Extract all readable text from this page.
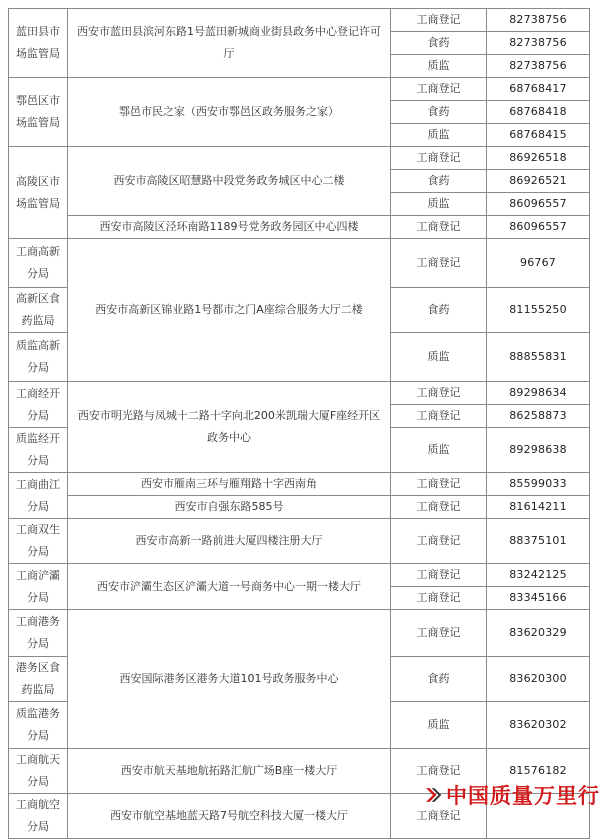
蓝田县市场监管局	西安市蓝田县滨河东路1号蓝田新城商业街县政务中心登记许可厅	工商登记	82738756
		食药	82738756
		质监	82738756
鄠邑区市场监管局	鄠邑市民之家（西安市鄠邑区政务服务之家）	工商登记	68768417
		食药	68768418
		质监	68768415
高陵区市场监管局	西安市高陵区昭慧路中段党务政务城区中心二楼	工商登记	86926518
		食药	86926521
		质监	86096557
	西安市高陵区泾环南路1189号党务政务园区中心四楼	工商登记	86096557
工商高新分局	西安市高新区锦业路1号都市之门A座综合服务大厅二楼	工商登记	96767
高新区食药监局		食药	81155250
质监高新分局		质监	88855831
工商经开分局	西安市明光路与凤城十二路十字向北200米凯瑞大厦F座经开区政务中心	工商登记	89298634
		工商登记	86258873
质监经开分局		质监	89298638

工商曲江分局	西安市雁南三环与雁翔路十字西南角	工商登记	85599033
	西安市自强东路585号	工商登记	81614211
工商双生分局	西安市高新一路前进大厦四楼注册大厅	工商登记	88375101
工商浐灞分局	西安市浐灞生态区浐灞大道一号商务中心一期一楼大厅	工商登记	83242125
		工商登记	83345166
工商港务分局	西安国际港务区港务大道101号政务服务中心	工商登记	83620329
港务区食药监局		食药	83620300
质监港务分局		质监	83620302
工商航天分局	西安市航天基地航拓路汇航广场B座一楼大厅	工商登记	81576182
工商航空分局	西安市航空基地蓝天路7号航空科技大厦一楼大厅	工商登记	
中国质量万里行
